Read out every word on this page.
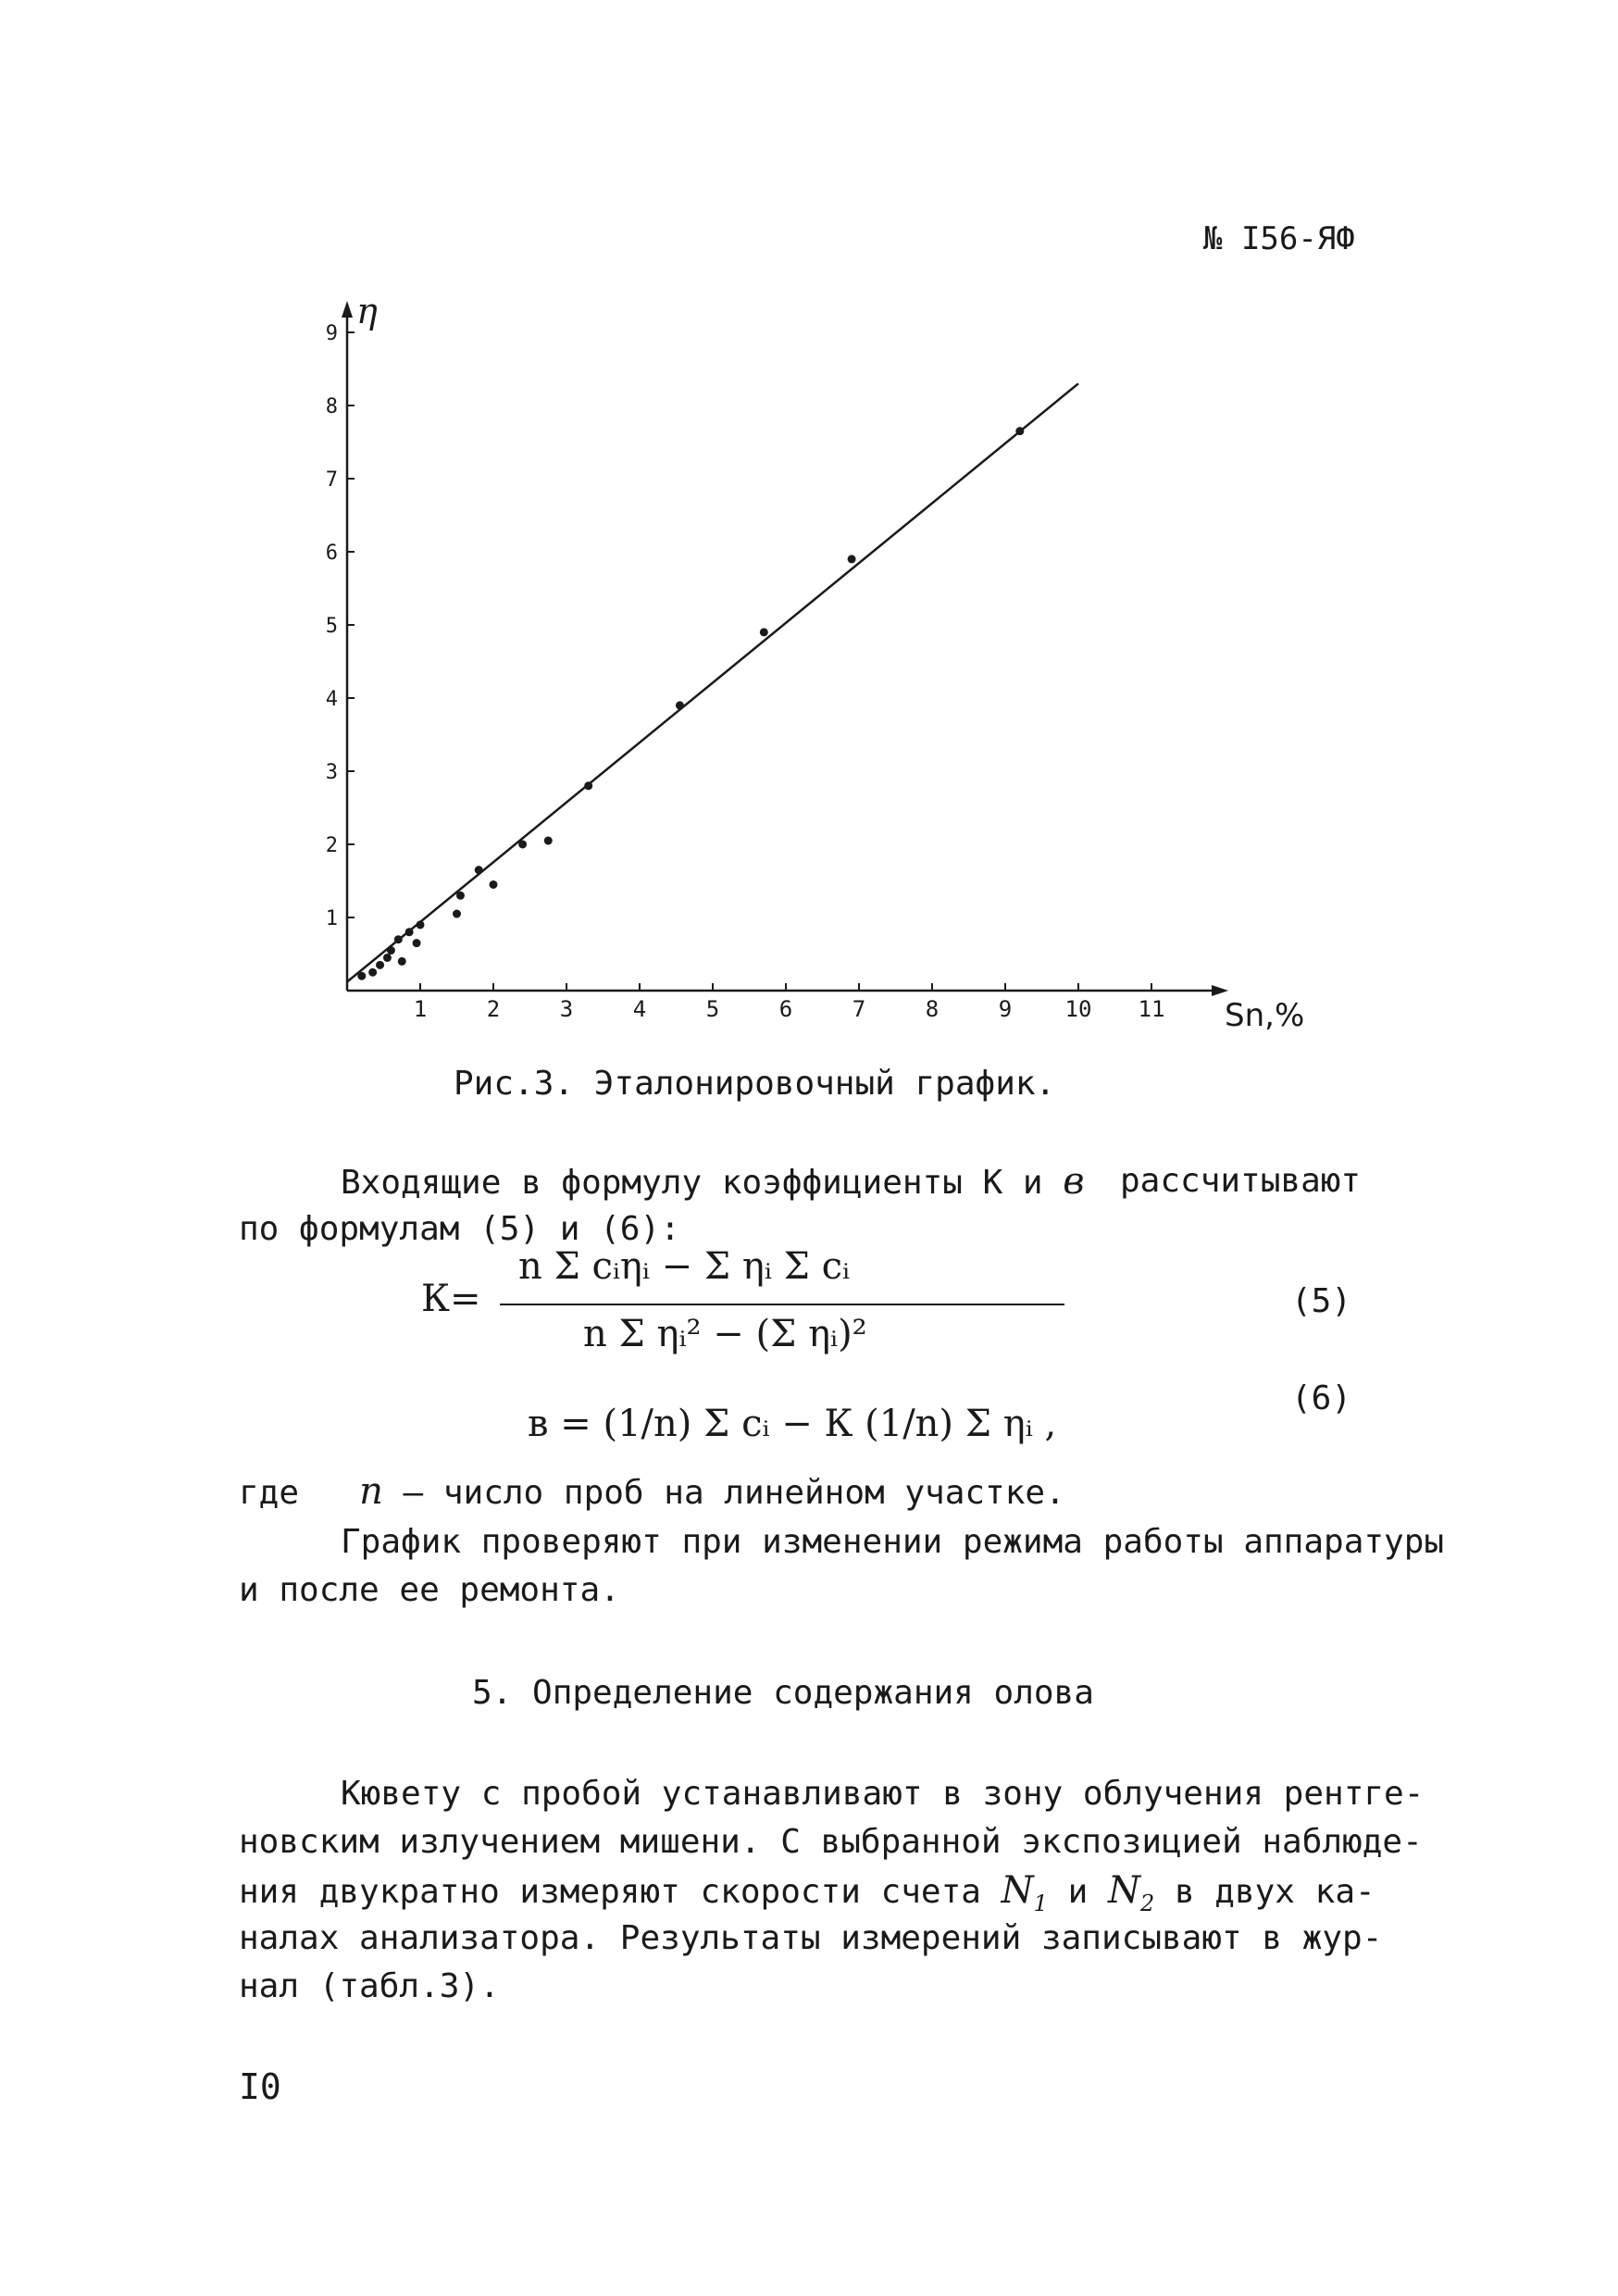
№ I56-ЯФ
1	2	3	4	5	6	7	8	9 10 11
1
2
3
4
5
6
7
8
9
Sn,%
η
Рис.3. Эталонировочный график.
Входящие в формулу коэффициенты К и в рассчитывают
по формулам (5) и (6):
К=
n Σ cᵢηᵢ − Σ ηᵢ Σ cᵢ
n Σ ηᵢ² − (Σ ηᵢ)²
(5)
в = (1/n) Σ cᵢ − К (1/n) Σ ηᵢ ,
(6)
где n – число проб на линейном участке.
График проверяют при изменении режима работы аппаратуры
и после ее ремонта.
5. Определение содержания олова
Кювету с пробой устанавливают в зону облучения рентге-
новским излучением мишени. С выбранной экспозицией наблюде-
ния двукратно измеряют скорости счета $N_1$ и $N_2$ в двух ка-
налах анализатора. Результаты измерений записывают в жур-
нал (табл.3).
I0
